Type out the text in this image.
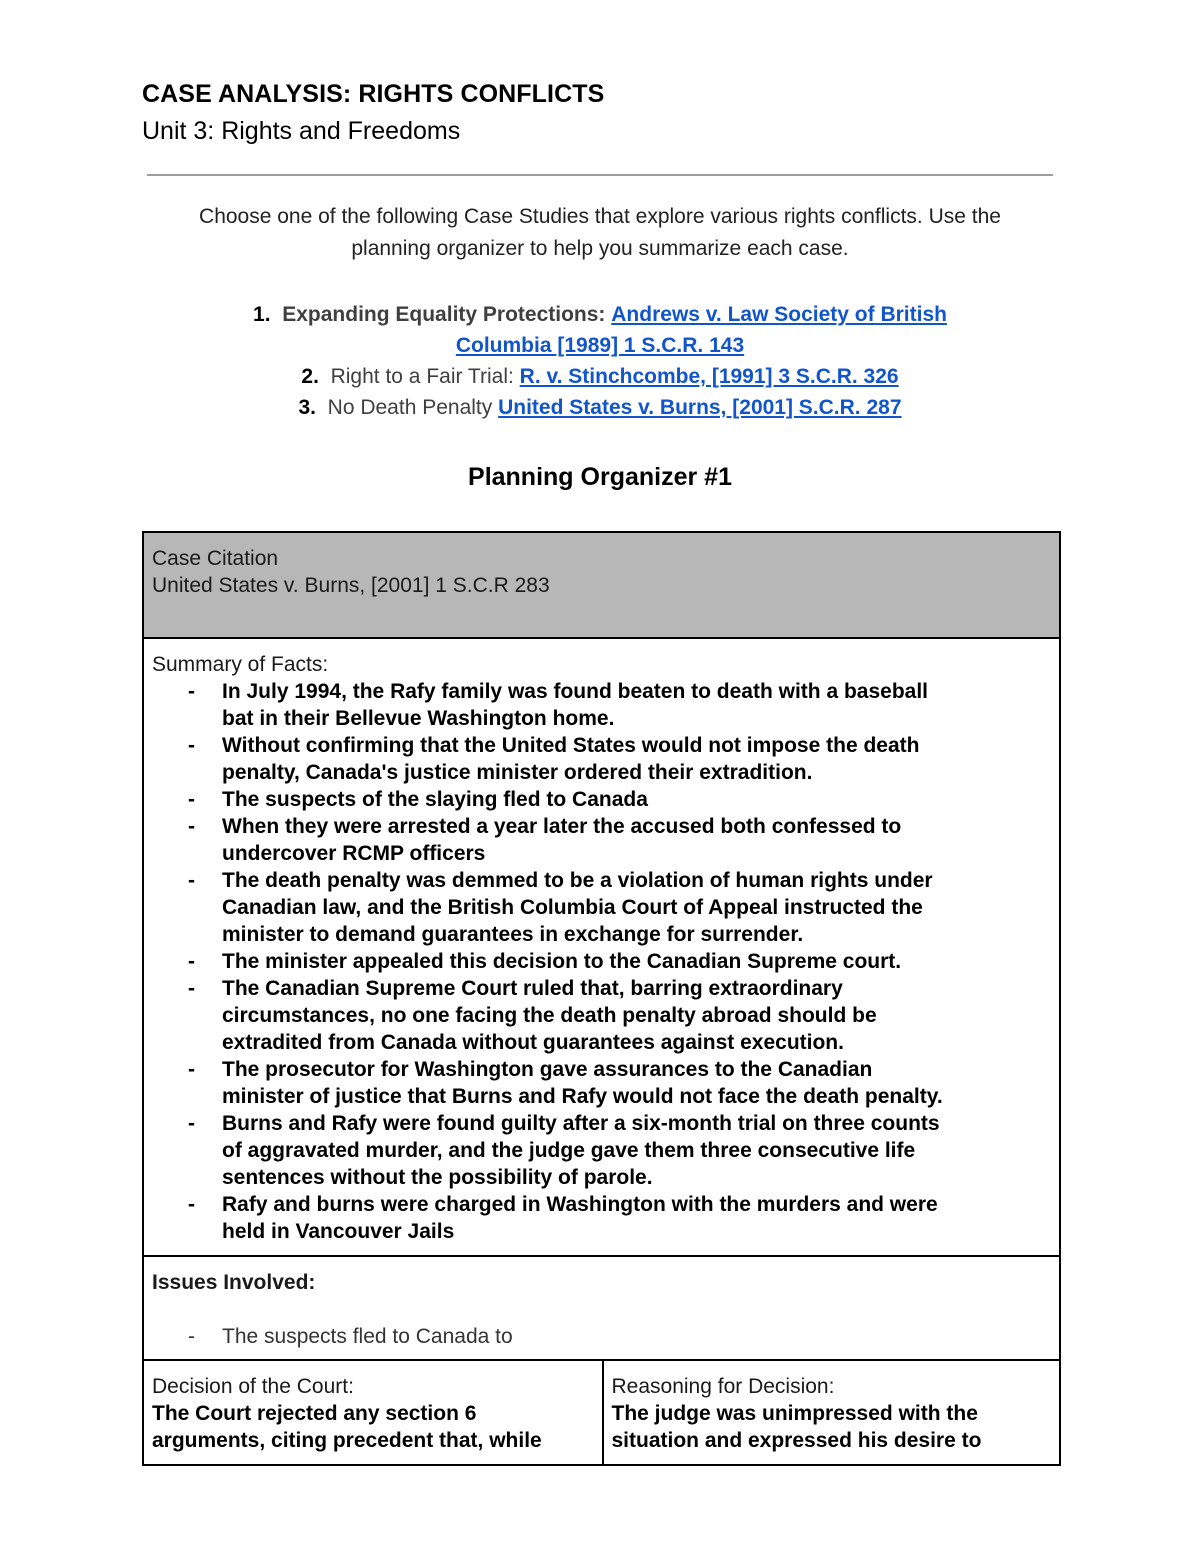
CASE ANALYSIS: RIGHTS CONFLICTS
Unit 3: Rights and Freedoms
Choose one of the following Case Studies that explore various rights conflicts. Use the
planning organizer to help you summarize each case.
1. Expanding Equality Protections: Andrews v. Law Society of British
Columbia [1989] 1 S.C.R. 143
2. Right to a Fair Trial: R. v. Stinchcombe, [1991] 3 S.C.R. 326
3. No Death Penalty United States v. Burns, [2001] S.C.R. 287
Planning Organizer #1
Case Citation
United States v. Burns, [2001] 1 S.C.R 283
Summary of Facts:
- In July 1994, the Rafy family was found beaten to death with a baseball
bat in their Bellevue Washington home.
- Without confirming that the United States would not impose the death
penalty, Canada's justice minister ordered their extradition.
- The suspects of the slaying fled to Canada
- When they were arrested a year later the accused both confessed to
undercover RCMP officers
- The death penalty was demmed to be a violation of human rights under
Canadian law, and the British Columbia Court of Appeal instructed the
minister to demand guarantees in exchange for surrender.
- The minister appealed this decision to the Canadian Supreme court.
- The Canadian Supreme Court ruled that, barring extraordinary
circumstances, no one facing the death penalty abroad should be
extradited from Canada without guarantees against execution.
- The prosecutor for Washington gave assurances to the Canadian
minister of justice that Burns and Rafy would not face the death penalty.
- Burns and Rafy were found guilty after a six-month trial on three counts
of aggravated murder, and the judge gave them three consecutive life
sentences without the possibility of parole.
- Rafy and burns were charged in Washington with the murders and were
held in Vancouver Jails
Issues Involved:
- The suspects fled to Canada to
Decision of the Court:
The Court rejected any section 6
arguments, citing precedent that, while
Reasoning for Decision:
The judge was unimpressed with the
situation and expressed his desire to
